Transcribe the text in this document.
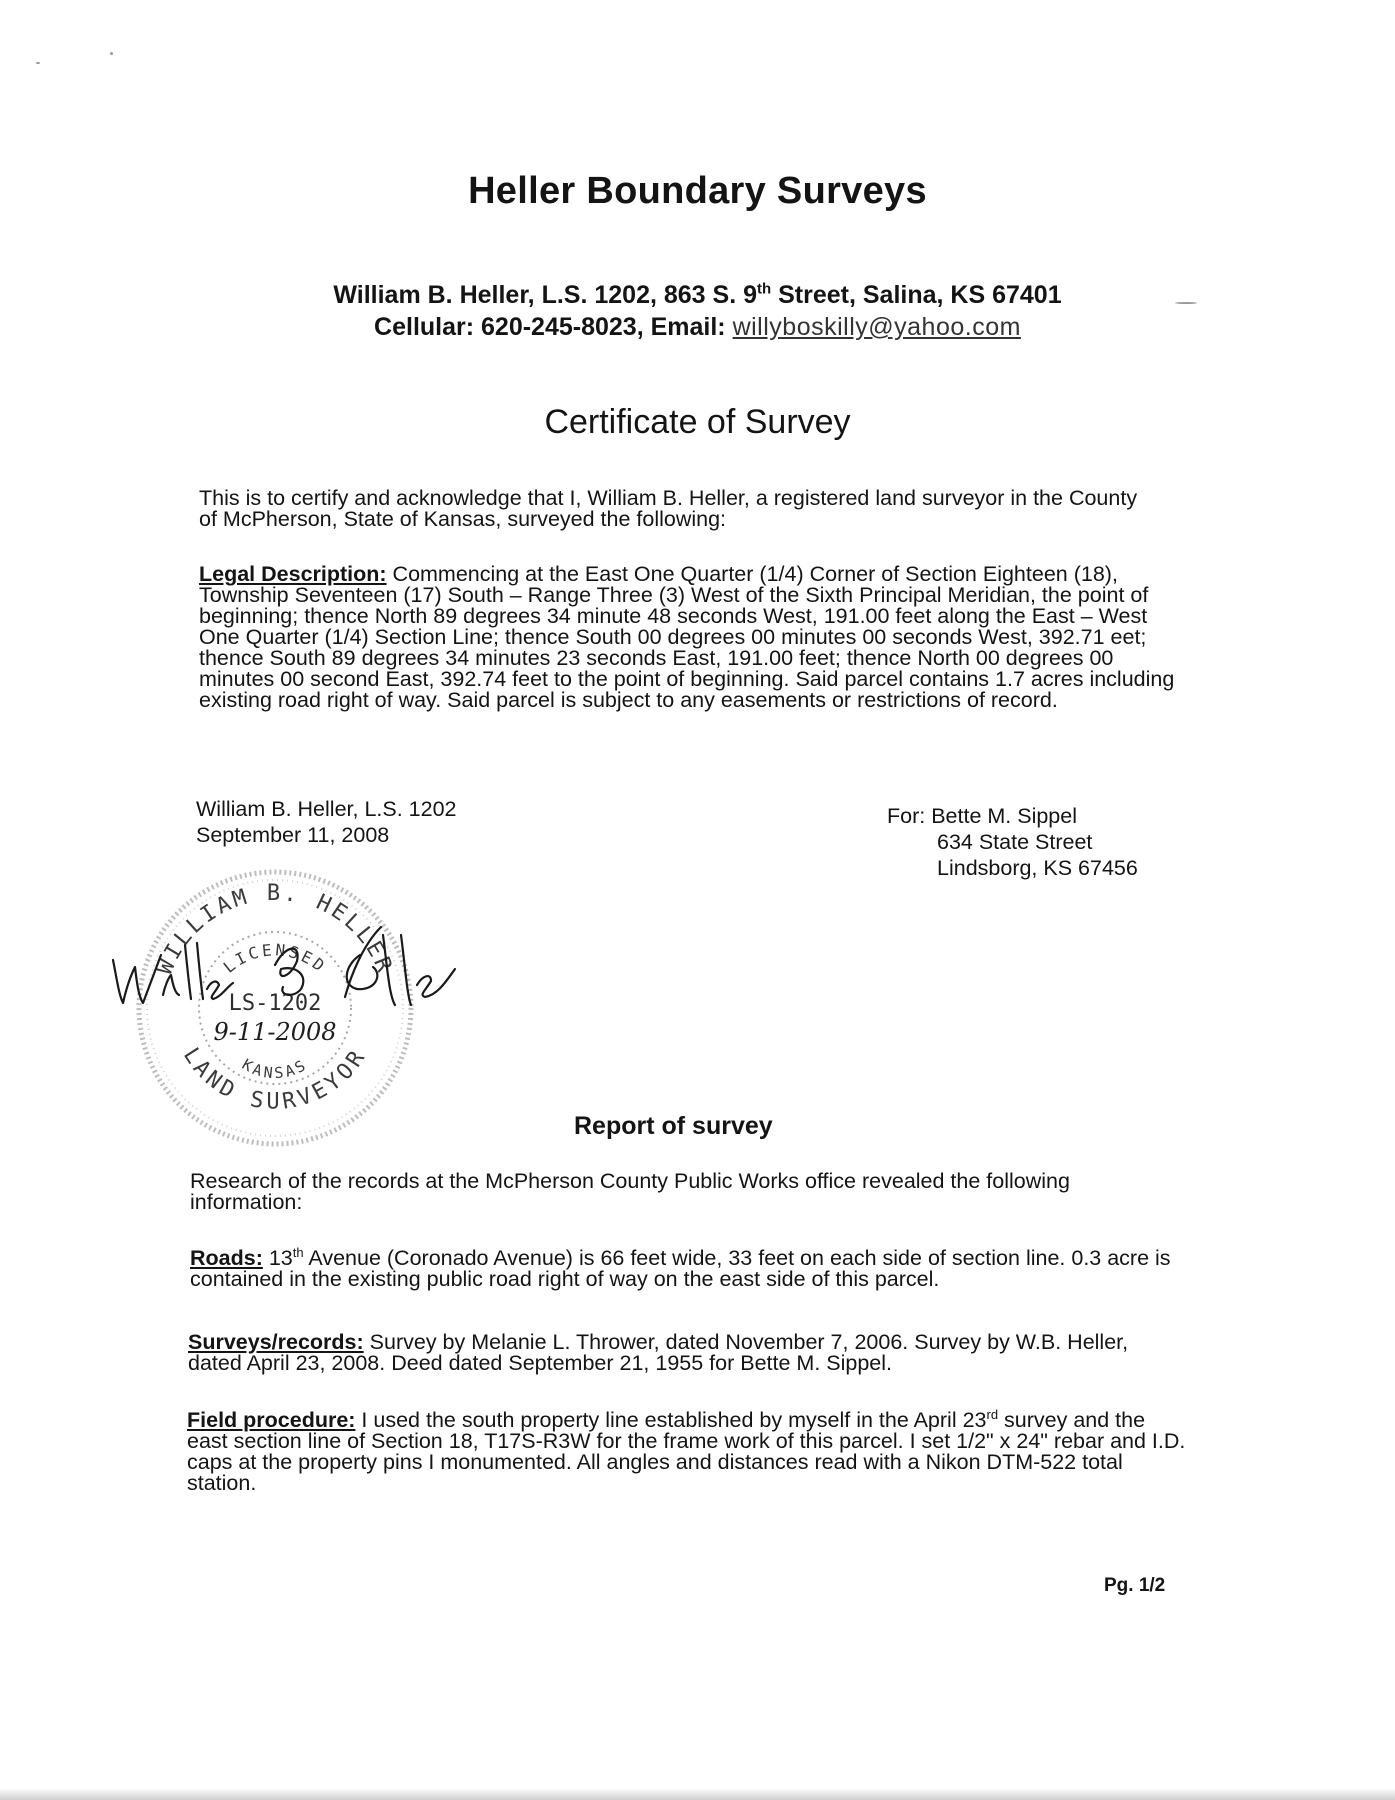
Heller Boundary Surveys
William B. Heller, L.S. 1202, 863 S. 9th Street, Salina, KS 67401
Cellular: 620-245-8023, Email: willyboskilly@yahoo.com
Certificate of Survey
This is to certify and acknowledge that I, William B. Heller, a registered land surveyor in the County of McPherson, State of Kansas, surveyed the following:
Legal Description: Commencing at the East One Quarter (1/4) Corner of Section Eighteen (18), Township Seventeen (17) South – Range Three (3) West of the Sixth Principal Meridian, the point of beginning; thence North 89 degrees 34 minute 48 seconds West, 191.00 feet along the East – West One Quarter (1/4) Section Line; thence South 00 degrees 00 minutes 00 seconds West, 392.71 eet; thence South 89 degrees 34 minutes 23 seconds East, 191.00 feet; thence North 00 degrees 00 minutes 00 second East, 392.74 feet to the point of beginning. Said parcel contains 1.7 acres including existing road right of way. Said parcel is subject to any easements or restrictions of record.
William B. Heller, L.S. 1202
September 11, 2008
For: Bette M. Sippel
634 State Street
Lindsborg, KS 67456
WILLIAM B. HELLER
LAND SURVEYOR
LICENSED
KANSAS
LS-1202
9-11-2008
Report of survey
Research of the records at the McPherson County Public Works office revealed the following information:
Roads: 13th Avenue (Coronado Avenue) is 66 feet wide, 33 feet on each side of section line. 0.3 acre is contained in the existing public road right of way on the east side of this parcel.
Surveys/records: Survey by Melanie L. Thrower, dated November 7, 2006. Survey by W.B. Heller, dated April 23, 2008. Deed dated September 21, 1955 for Bette M. Sippel.
Field procedure: I used the south property line established by myself in the April 23rd survey and the east section line of Section 18, T17S-R3W for the frame work of this parcel. I set 1/2" x 24" rebar and I.D. caps at the property pins I monumented. All angles and distances read with a Nikon DTM-522 total station.
Pg. 1/2
